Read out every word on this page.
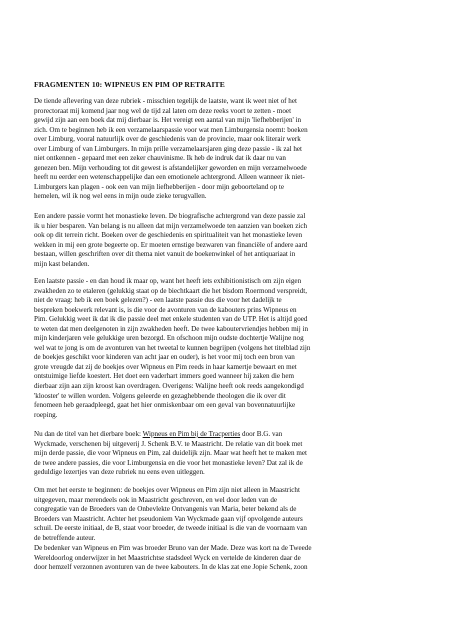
FRAGMENTEN 10: WIPNEUS EN PIM OP RETRAITE
De tiende aflevering van deze rubriek - misschien tegelijk de laatste, want ik weet niet of het
prorectoraat mij komend jaar nog wel de tijd zal laten om deze reeks voort te zetten - moet
gewijd zijn aan een boek dat mij dierbaar is. Het vereigt een aantal van mijn 'liefhebberijen' in
zich. Om te beginnen heb ik een verzamelaarspassie voor wat men Limburgensia noemt: boeken
over Limburg, vooral natuurlijk over de geschiedenis van de provincie, maar ook literair werk
over Limburg of van Limburgers. In mijn prille verzamelaarsjaren ging deze passie - ik zal het
niet ontkennen - gepaard met een zeker chauvinisme. Ik heb de indruk dat ik daar nu van
genezen ben. Mijn verhouding tot dit gewest is afstandelijker geworden en mijn verzamelwoede
heeft nu eerder een wetenschappelijke dan een emotionele achtergrond. Alleen wanneer ik niet-
Limburgers kan plagen - ook een van mijn liefhebberijen - door mijn geboorteland op te
hemelen, wil ik nog wel eens in mijn oude zieke terugvallen.
Een andere passie vormt het monastieke leven. De biografische achtergrond van deze passie zal
ik u hier besparen. Van belang is nu alleen dat mijn verzamelwoede ten aanzien van boeken zich
ook op dit terrein richt. Boeken over de geschiedenis en spiritualiteit van het monastieke leven
wekken in mij een grote begeerte op. Er moeten ernstige bezwaren van financiële of andere aard
bestaan, willen geschriften over dit thema niet vanuit de boekenwinkel of het antiquariaat in
mijn kast belanden.
Een laatste passie - en dan houd ik maar op, want het heeft iets exhibitionistisch om zijn eigen
zwakheden zo te etaleren (gelukkig staat op de biechtkaart die het bisdom Roermond verspreidt,
niet de vraag: heb ik een boek gelezen?) - een laatste passie dus die voor het dadelijk te
bespreken boekwerk relevant is, is die voor de avonturen van de kabouters prins Wipneus en
Pim. Gelukkig weet ik dat ik die passie deel met enkele studenten van de UTP. Het is altijd goed
te weten dat men deelgenoten in zijn zwakheden heeft. De twee kaboutervriendjes hebben mij in
mijn kinderjaren vele gelukkige uren bezorgd. En ofschoon mijn oudste dochtertje Walijne nog
wel wat te jong is om de avonturen van het tweetal te kunnen begrijpen (volgens het titelblad zijn
de boekjes geschikt voor kinderen van acht jaar en ouder), is het voor mij toch een bron van
grote vreugde dat zij de boekjes over Wipneus en Pim reeds in haar kamertje bewaart en met
ontstuimige liefde koestert. Het doet een vaderhart immers goed wanneer hij zaken die hem
dierbaar zijn aan zijn kroost kan overdragen. Overigens: Walijne heeft ook reeds aangekondigd
'klooster' te willen worden. Volgens geleerde en gezaghebbende theologen die ik over dit
fenomeen heb geraadpleegd, gaat het hier onmiskenbaar om een geval van bovennatuurlijke
roeping.
Nu dan de titel van het dierbare boek: Wipneus en Pim bij de Tracperties door B.G. van
Wyckmade, verschenen bij uitgeverij J. Schenk B.V. te Maastricht. De relatie van dit boek met
mijn derde passie, die voor Wipneus en Pim, zal duidelijk zijn. Maar wat heeft het te maken met
de twee andere passies, die voor Limburgensia en die voor het monastieke leven? Dat zal ik de
geduldige lezertjes van deze rubriek nu eens even uitleggen.
Om met het eerste te beginnen: de boekjes over Wipneus en Pim zijn niet alleen in Maastricht
uitgegeven, maar merendeels ook in Maastricht geschreven, en wel door leden van de
congregatie van de Broeders van de Onbevlekte Ontvangenis van Maria, beter bekend als de
Broeders van Maastricht. Achter het pseudoniem Van Wyckmade gaan vijf opvolgende auteurs
schuil. De eerste initiaal, de B, staat voor broeder, de tweede initiaal is die van de voornaam van
de betreffende auteur.
De bedenker van Wipneus en Pim was broeder Bruno van der Made. Deze was kort na de Tweede
Wereldoorlog onderwijzer in het Maastrichtse stadsdeel Wyck en vertelde de kinderen daar de
door hemzelf verzonnen avonturen van de twee kabouters. In de klas zat ene Jopie Schenk, zoon
